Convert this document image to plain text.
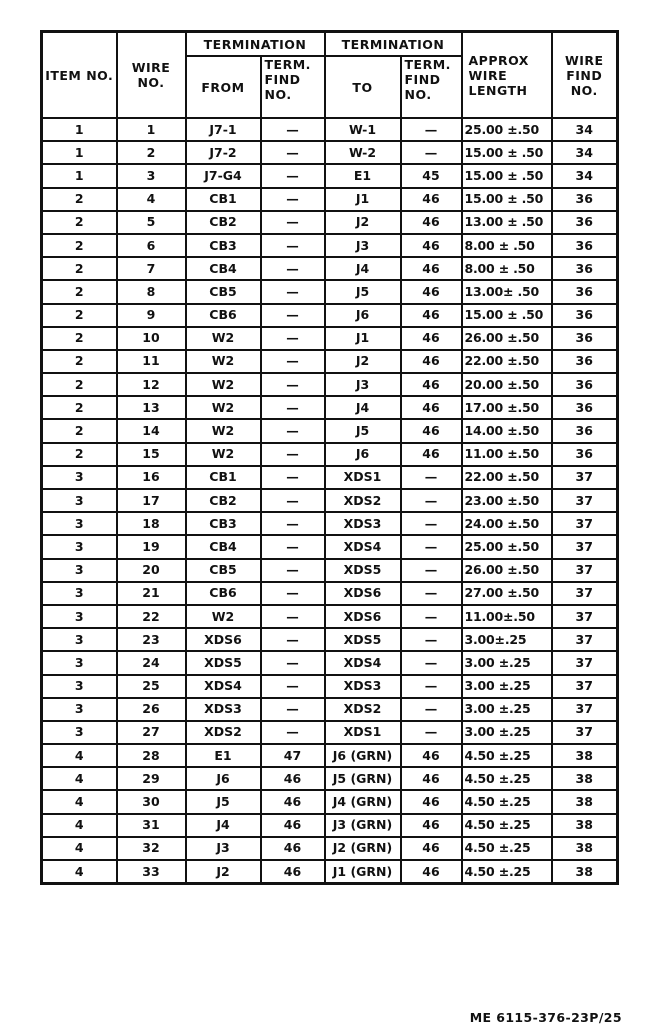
ITEM NO.	WIRE NO.	TERMINATION		TERMINATION		APPROX WIRE LENGTH	WIRE FIND NO.
		FROM	TERM. FIND NO.	TO	TERM. FIND NO.		
1	1	J7-1	—	W-1	—	25.00 ±.50	34
1	2	J7-2	—	W-2	—	15.00 ± .50	34
1	3	J7-G4	—	E1	45	15.00 ± .50	34
2	4	CB1	—	J1	46	15.00 ± .50	36
2	5	CB2	—	J2	46	13.00 ± .50	36
2	6	CB3	—	J3	46	8.00 ± .50	36
2	7	CB4	—	J4	46	8.00 ± .50	36
2	8	CB5	—	J5	46	13.00± .50	36
2	9	CB6	—	J6	46	15.00 ± .50	36
2	10	W2	—	J1	46	26.00 ±.50	36
2	11	W2	—	J2	46	22.00 ±.50	36
2	12	W2	—	J3	46	20.00 ±.50	36
2	13	W2	—	J4	46	17.00 ±.50	36
2	14	W2	—	J5	46	14.00 ±.50	36
2	15	W2	—	J6	46	11.00 ±.50	36
3	16	CB1	—	XDS1	—	22.00 ±.50	37
3	17	CB2	—	XDS2	—	23.00 ±.50	37
3	18	CB3	—	XDS3	—	24.00 ±.50	37
3	19	CB4	—	XDS4	—	25.00 ±.50	37
3	20	CB5	—	XDS5	—	26.00 ±.50	37
3	21	CB6	—	XDS6	—	27.00 ±.50	37
3	22	W2	—	XDS6	—	11.00±.50	37
3	23	XDS6	—	XDS5	—	3.00±.25	37
3	24	XDS5	—	XDS4	—	3.00 ±.25	37
3	25	XDS4	—	XDS3	—	3.00 ±.25	37
3	26	XDS3	—	XDS2	—	3.00 ±.25	37
3	27	XDS2	—	XDS1	—	3.00 ±.25	37
4	28	E1	47	J6 (GRN)	46	4.50 ±.25	38
4	29	J6	46	J5 (GRN)	46	4.50 ±.25	38
4	30	J5	46	J4 (GRN)	46	4.50 ±.25	38
4	31	J4	46	J3 (GRN)	46	4.50 ±.25	38
4	32	J3	46	J2 (GRN)	46	4.50 ±.25	38
4	33	J2	46	J1 (GRN)	46	4.50 ±.25	38
ME 6115-376-23P/25
